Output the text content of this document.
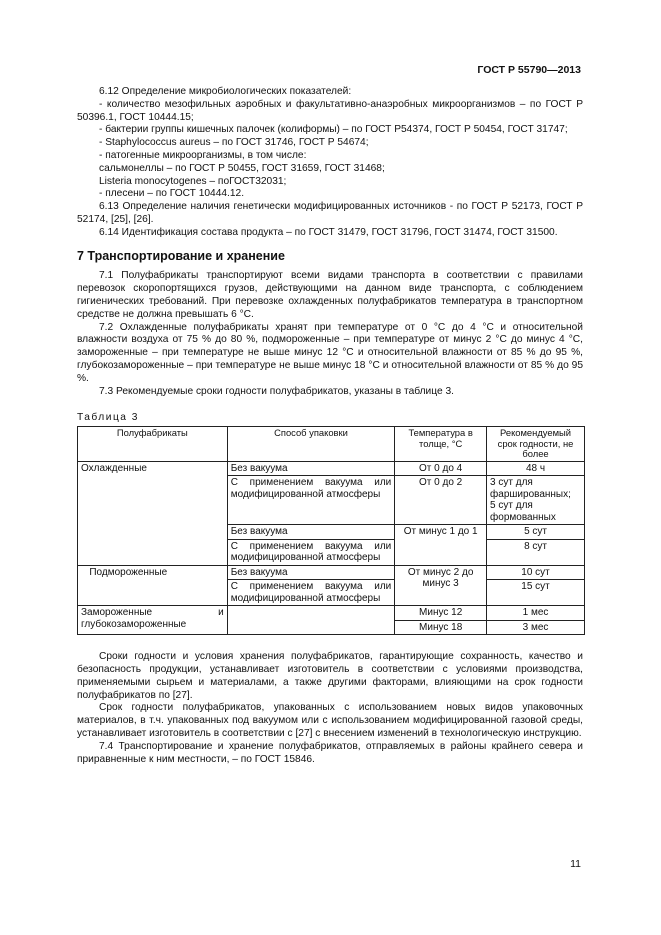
ГОСТ Р 55790—2013

6.12 Определение микробиологических показателей:

- количество мезофильных аэробных и факультативно-анаэробных микроорганизмов – по ГОСТ Р 50396.1, ГОСТ 10444.15;

- бактерии группы кишечных палочек (колиформы) – по ГОСТ Р54374, ГОСТ Р 50454, ГОСТ 31747;

- Staphylococcus aureus – по ГОСТ 31746, ГОСТ Р 54674;

- патогенные микроорганизмы, в том числе:

сальмонеллы – по ГОСТ Р 50455, ГОСТ 31659, ГОСТ 31468;

Listeria monocytogenes – поГОСТ32031;

- плесени – по ГОСТ 10444.12.

6.13 Определение наличия генетически модифицированных источников - по ГОСТ Р 52173, ГОСТ Р 52174, [25], [26].

6.14 Идентификация состава продукта – по ГОСТ 31479, ГОСТ 31796, ГОСТ 31474, ГОСТ 31500.

7 Транспортирование и хранение

7.1 Полуфабрикаты транспортируют всеми видами транспорта в соответствии с правилами перевозок скоропортящихся грузов, действующими на данном виде транспорта, с соблюдением гигиенических требований. При перевозке охлажденных полуфабрикатов температура в транспортном средстве не должна превышать 6 °С.

7.2 Охлажденные полуфабрикаты хранят при температуре от 0 °С до 4 °С и относительной влажности воздуха от 75 % до 80 %, подмороженные – при температуре от минус 2 °С до минус 4 °С, замороженные – при температуре не выше минус 12 °С и относительной влажности от 85 % до 95 %, глубокозамороженные – при температуре не выше минус 18 °С и относительной влажности от 85 % до 95 %.

7.3 Рекомендуемые сроки годности полуфабрикатов, указаны в таблице 3.

Таблица 3

Полуфабрикаты	Способ упаковки	Температура в толще, °С	Рекомендуемый срок годности, не более
Охлажденные	Без вакуума	От 0 до 4	48 ч
	С применением вакуума или модифицированной атмосферы	От 0 до 2	3 сут для фаршированных;
5 сут для формованных

	Без вакуума	От минус 1 до 1	5 сут
	С применением вакуума или модифицированной атмосферы		8 сут
Подмороженные	Без вакуума	От минус 2 до минус 3	10 сут
	С применением вакуума или модифицированной атмосферы		15 сут
Замороженные и глубокозамороженные		Минус 12	1 мес
		Минус 18	3 мес

Сроки годности и условия хранения полуфабрикатов, гарантирующие сохранность, качество и безопасность продукции, устанавливает изготовитель в соответствии с условиями производства, применяемыми сырьем и материалами, а также другими факторами, влияющими на срок годности полуфабрикатов по [27].

Срок годности полуфабрикатов, упакованных с использованием новых видов упаковочных материалов, в т.ч. упакованных под вакуумом или с использованием модифицированной газовой среды, устанавливает изготовитель в соответствии с [27] с внесением изменений в технологическую инструкцию.

7.4 Транспортирование и хранение полуфабрикатов, отправляемых в районы крайнего севера и приравненные к ним местности, – по ГОСТ 15846.

11
